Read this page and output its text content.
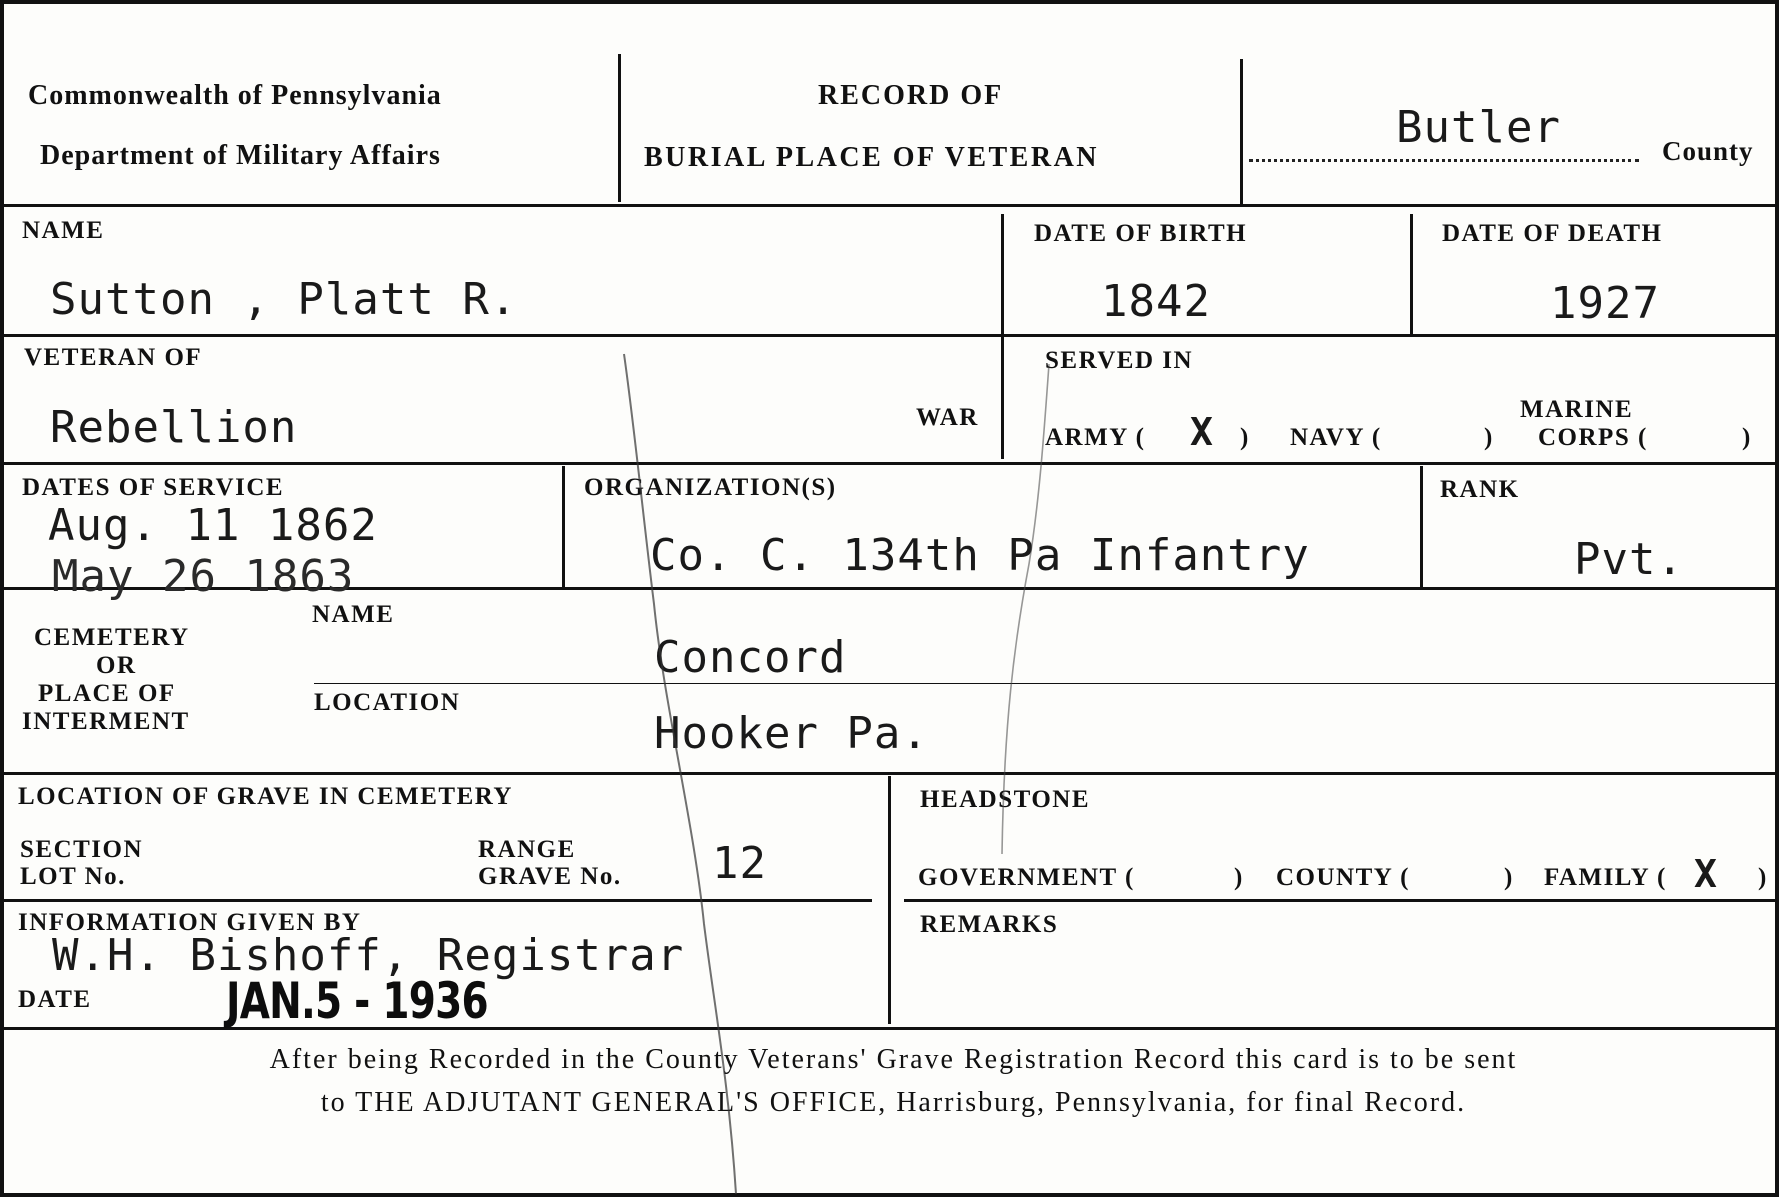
Commonwealth of Pennsylvania
Department of Military Affairs
RECORD OF
BURIAL PLACE OF VETERAN
Butler	County
NAME
Sutton , Platt R.
DATE OF BIRTH
1842
DATE OF DEATH
1927
VETERAN OF
Rebellion	WAR
SERVED IN
ARMY ( X ) NAVY (	)
MARINE
CORPS (	)
DATES OF SERVICE
Aug. 11 1862
May 26 1863
ORGANIZATION(S)
Co. C. 134th Pa Infantry
RANK
Pvt.
CEMETERY
OR
PLACE OF
INTERMENT
NAME
Concord
LOCATION
Hooker Pa.
LOCATION OF GRAVE IN CEMETERY
SECTION
LOT No.
RANGE
GRAVE No. 12
HEADSTONE
GOVERNMENT (	) COUNTY (	) FAMILY ( X )
INFORMATION GIVEN BY
W.H. Bishoff, Registrar
DATE	JAN.5 - 1936
REMARKS
After being Recorded in the County Veterans' Grave Registration Record this card is to be sent
to THE ADJUTANT GENERAL'S OFFICE, Harrisburg, Pennsylvania, for final Record.
